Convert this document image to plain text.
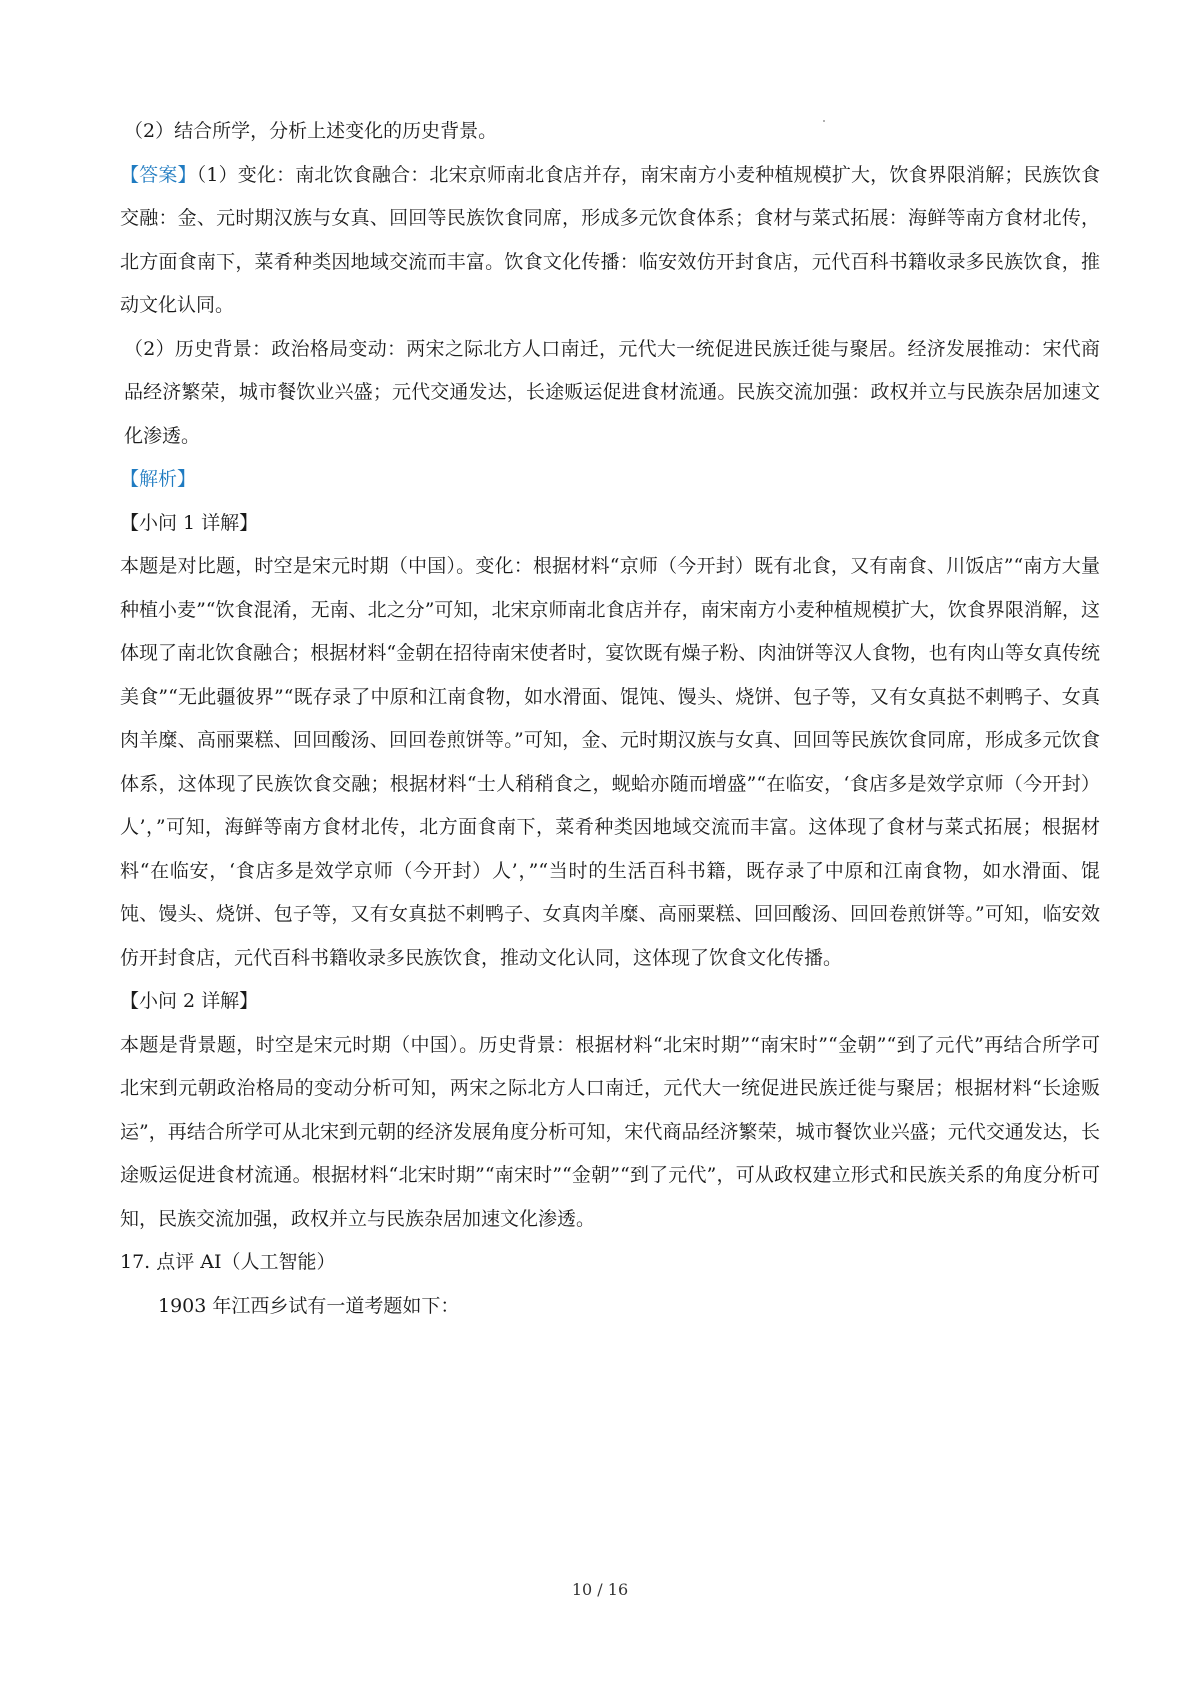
（2）结合所学，分析上述变化的历史背景。

【答案】（1）变化：南北饮食融合：北宋京师南北食店并存，南宋南方小麦种植规模扩大，饮食界限消解；民族饮食交融：金、元时期汉族与女真、回回等民族饮食同席，形成多元饮食体系；食材与菜式拓展：海鲜等南方食材北传，北方面食南下，菜肴种类因地域交流而丰富。饮食文化传播：临安效仿开封食店，元代百科书籍收录多民族饮食，推动文化认同。

（2）历史背景：政治格局变动：两宋之际北方人口南迁，元代大一统促进民族迁徙与聚居。经济发展推动：宋代商品经济繁荣，城市餐饮业兴盛；元代交通发达，长途贩运促进食材流通。民族交流加强：政权并立与民族杂居加速文化渗透。

【解析】

【小问 1 详解】

本题是对比题，时空是宋元时期（中国）。变化：根据材料“京师（今开封）既有北食，又有南食、川饭店”“南方大量种植小麦”“饮食混淆，无南、北之分”可知，北宋京师南北食店并存，南宋南方小麦种植规模扩大，饮食界限消解，这体现了南北饮食融合；根据材料“金朝在招待南宋使者时，宴饮既有燥子粉、肉油饼等汉人食物，也有肉山等女真传统美食”“无此疆彼界”“既存录了中原和江南食物，如水滑面、馄饨、馒头、烧饼、包子等，又有女真挞不剌鸭子、女真肉羊糜、高丽粟糕、回回酸汤、回回卷煎饼等。”可知，金、元时期汉族与女真、回回等民族饮食同席，形成多元饮食体系，这体现了民族饮食交融；根据材料“士人稍稍食之，蚬蛤亦随而增盛”“在临安，‘食店多是效学京师（今开封）人’，”可知，海鲜等南方食材北传，北方面食南下，菜肴种类因地域交流而丰富。这体现了食材与菜式拓展；根据材料“在临安，‘食店多是效学京师（今开封）人’，”“当时的生活百科书籍，既存录了中原和江南食物，如水滑面、馄饨、馒头、烧饼、包子等，又有女真挞不剌鸭子、女真肉羊糜、高丽粟糕、回回酸汤、回回卷煎饼等。”可知，临安效仿开封食店，元代百科书籍收录多民族饮食，推动文化认同，这体现了饮食文化传播。

【小问 2 详解】

本题是背景题，时空是宋元时期（中国）。历史背景：根据材料“北宋时期”“南宋时”“金朝”“到了元代”再结合所学可北宋到元朝政治格局的变动分析可知，两宋之际北方人口南迁，元代大一统促进民族迁徙与聚居；根据材料“长途贩运”，再结合所学可从北宋到元朝的经济发展角度分析可知，宋代商品经济繁荣，城市餐饮业兴盛；元代交通发达，长途贩运促进食材流通。根据材料“北宋时期”“南宋时”“金朝”“到了元代”，可从政权建立形式和民族关系的角度分析可知，民族交流加强，政权并立与民族杂居加速文化渗透。

17. 点评 AI（人工智能）

1903 年江西乡试有一道考题如下：

10 / 16
